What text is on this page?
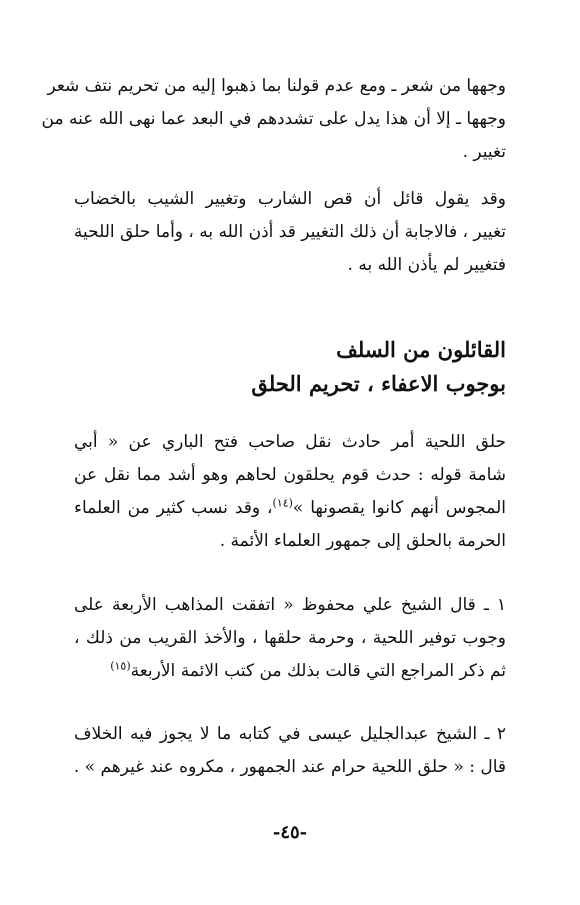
وجهها من شعر ـ ومع عدم قولنا بما ذهبوا إليه من تحريم نتف شعر
وجهها ـ إلا أن هذا يدل على تشددهم في البعد عما نهى الله عنه من
تغيير .
وقد يقول قائل أن قص الشارب وتغيير الشيب بالخضاب
تغيير ، فالاجابة أن ذلك التغيير قد أذن الله به ، وأما حلق اللحية
فتغيير لم يأذن الله به .
القائلون من السلف
بوجوب الاعفاء ، تحريم الحلق
حلق اللحية أمر حادث نقل صاحب فتح الباري عن « أبي
شامة قوله : حدث قوم يحلقون لحاهم وهو أشد مما نقل عن
المجوس أنهم كانوا يقصونها »$^{(١٤)}$، وقد نسب كثير من العلماء
الحرمة بالحلق إلى جمهور العلماء الأئمة .
١ ـ قال الشيخ علي محفوظ « اتفقت المذاهب الأربعة على
وجوب توفير اللحية ، وحرمة حلقها ، والأخذ القريب من ذلك ،
ثم ذكر المراجع التي قالت بذلك من كتب الائمة الأربعة$^{(١٥)}$
٢ ـ الشيخ عبدالجليل عيسى في كتابه ما لا يجوز فيه الخلاف
قال : « حلق اللحية حرام عند الجمهور ، مكروه عند غيرهم » .
-٤٥-
